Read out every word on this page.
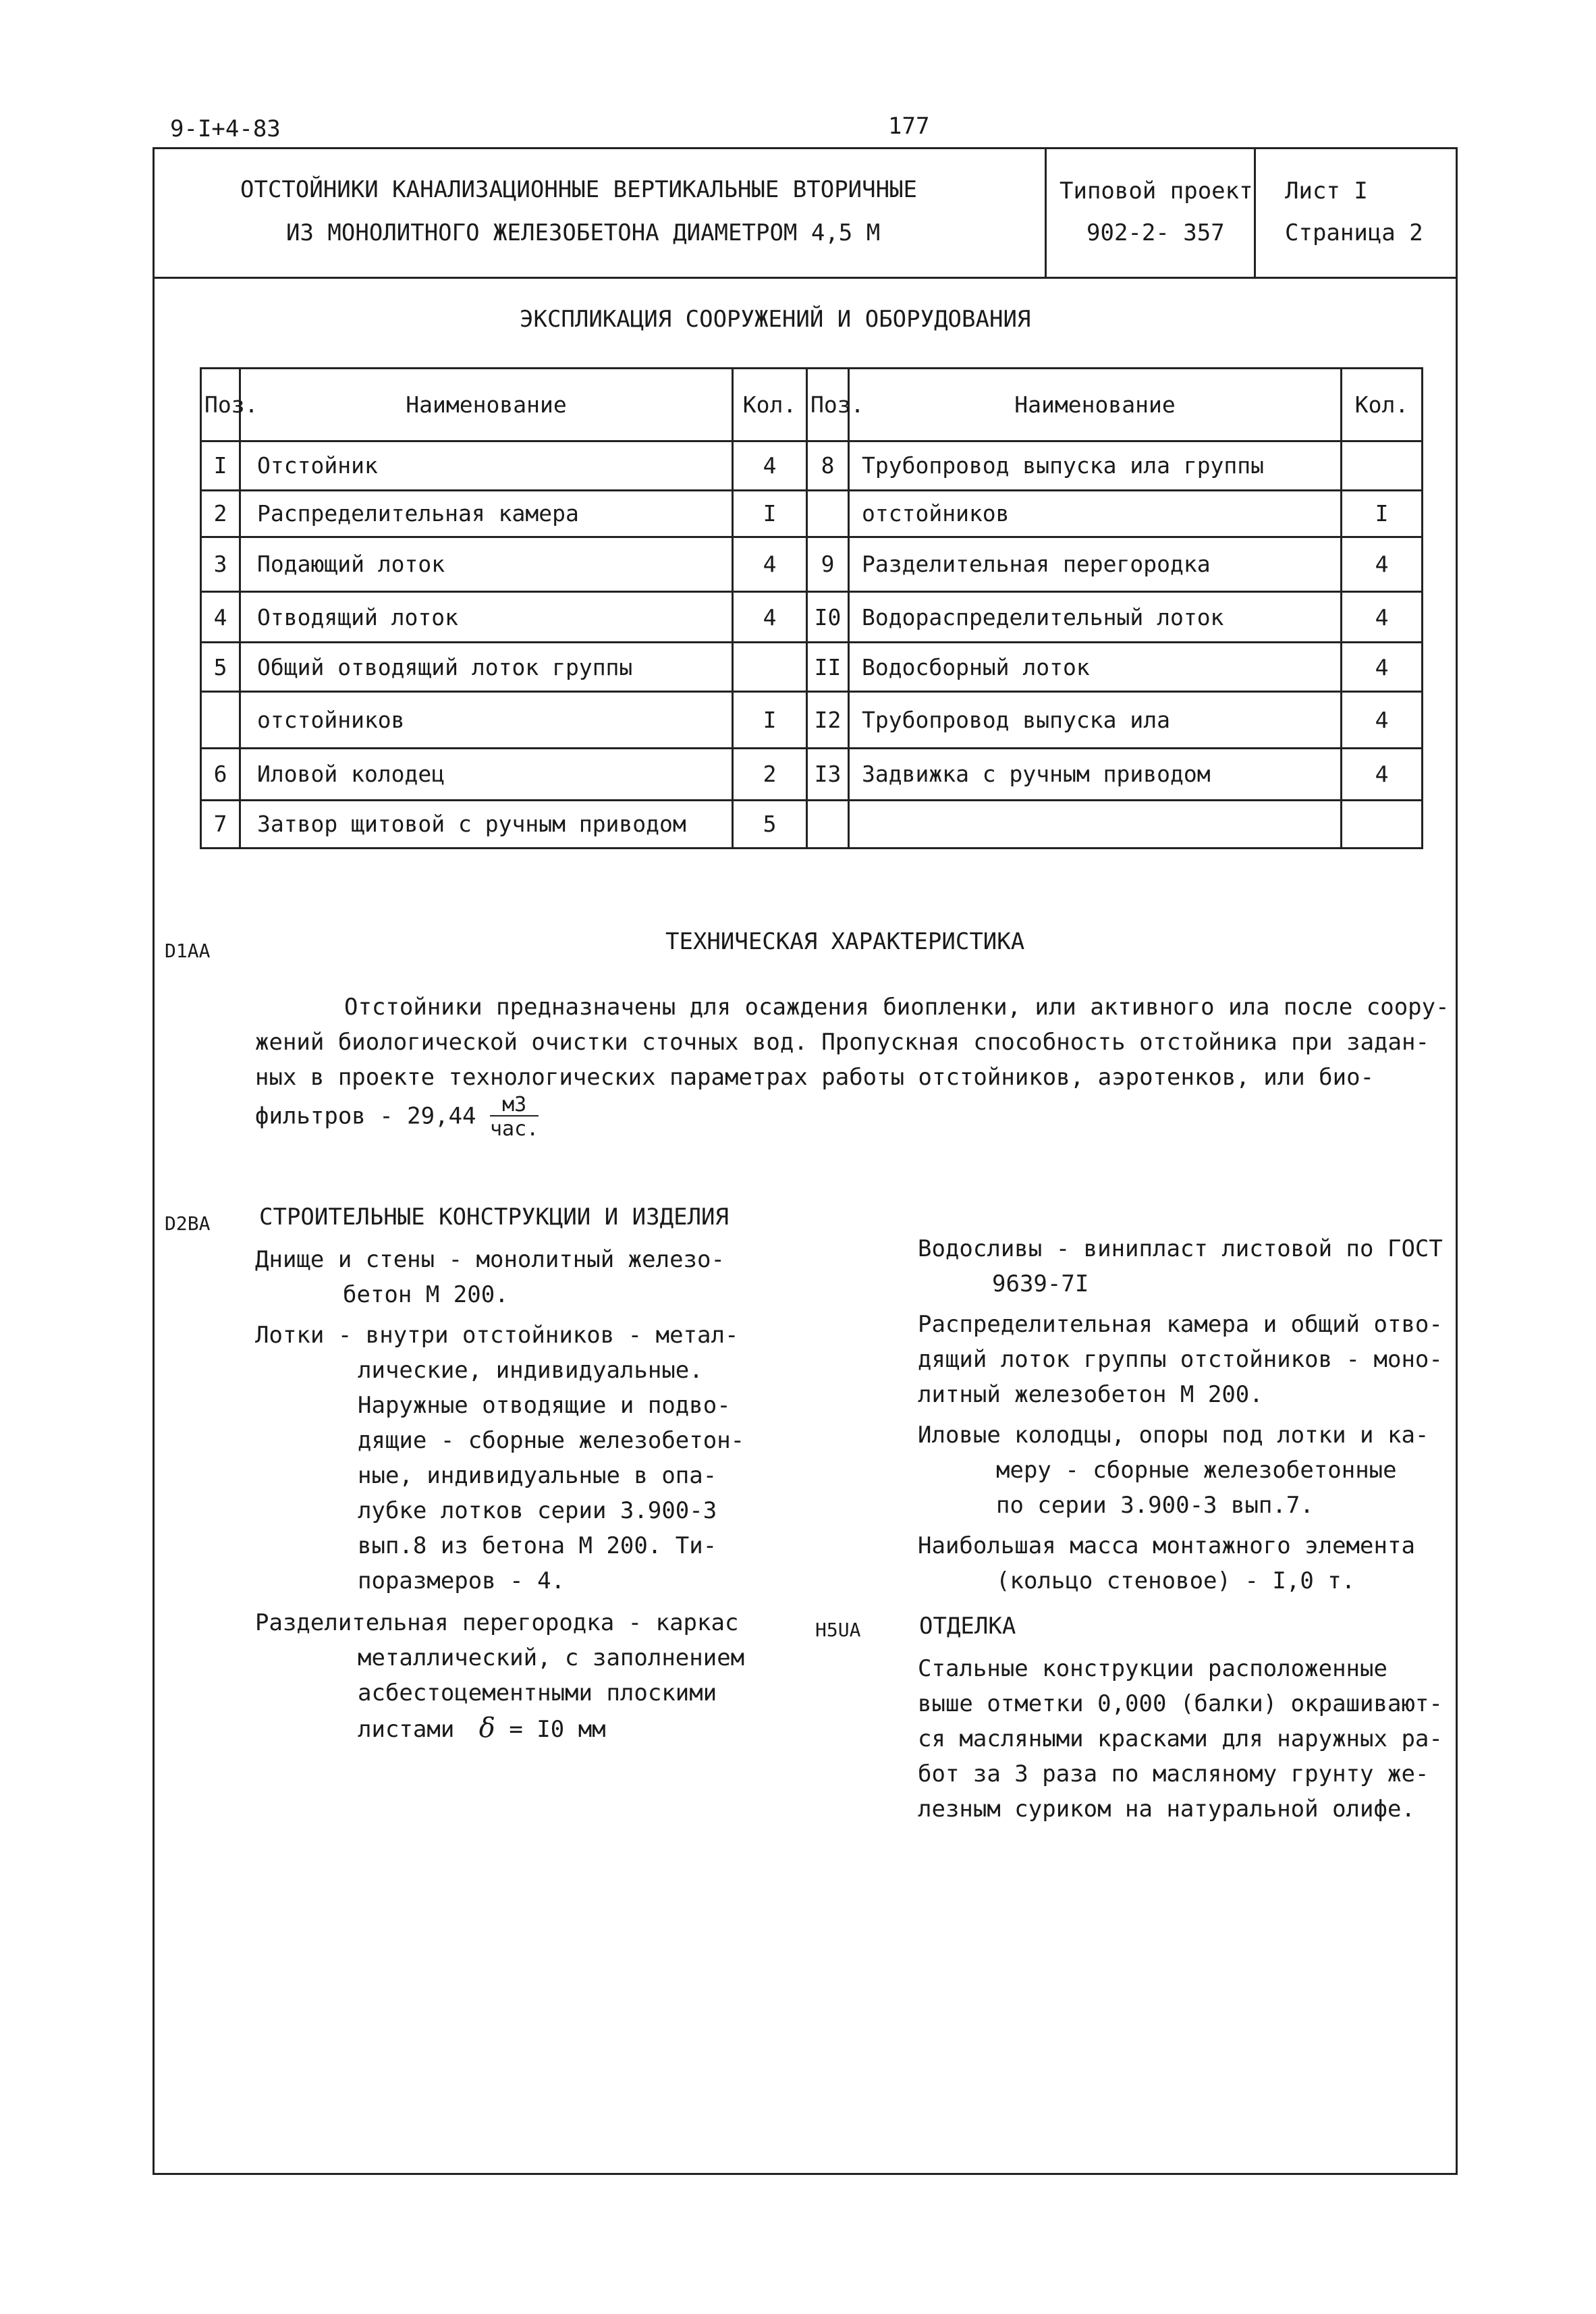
9-I+4-83	177
ОТСТОЙНИКИ КАНАЛИЗАЦИОННЫЕ ВЕРТИКАЛЬНЫЕ ВТОРИЧНЫЕ
ИЗ МОНОЛИТНОГО ЖЕЛЕЗОБЕТОНА ДИАМЕТРОМ 4,5 М
Типовой проект
902-2- 357
Лист I
Страница 2
ЭКСПЛИКАЦИЯ СООРУЖЕНИЙ И ОБОРУДОВАНИЯ
Поз.	Наименование	Кол.	Поз.	Наименование	Кол.
I	Отстойник	4	8	Трубопровод выпуска ила группы	
2	Распределительная камера	I		отстойников	I
3	Подающий лоток	4	9	Разделительная перегородка	4
4	Отводящий лоток	4	I0	Водораспределительный лоток	4
5	Общий отводящий лоток группы		II	Водосборный лоток	4
	отстойников	I	I2	Трубопровод выпуска ила	4
6	Иловой колодец	2	I3	Задвижка с ручным приводом	4
7	Затвор щитовой с ручным приводом	5			
D1AA	ТЕХНИЧЕСКАЯ ХАРАКТЕРИСТИКА
Отстойники предназначены для осаждения биопленки, или активного ила после соору-
жений биологической очистки сточных вод. Пропускная способность отстойника при задан-
ных в проекте технологических параметрах работы отстойников, аэротенков, или био-
фильтров - $29,44 \frac{м3}{\text{час.}}$
D2BA СТРОИТЕЛЬНЫЕ КОНСТРУКЦИИ И ИЗДЕЛИЯ
Днище и стены - монолитный железо-
бетон М 200.
Лотки - внутри отстойников - метал-
лические, индивидуальные.
Наружные отводящие и подво-
дящие - сборные железобетон-
ные, индивидуальные в опа-
лубке лотков серии 3.900-3
вып.8 из бетона М 200. Ти-
поразмеров - 4.
Разделительная перегородка - каркас
металлический, с заполнением
асбестоцементными плоскими
листами δ = I0 мм
Водосливы - винипласт листовой по ГОСТ
9639-7I
Распределительная камера и общий отво-
дящий лоток группы отстойников - моно-
литный железобетон М 200.
Иловые колодцы, опоры под лотки и ка-
меру - сборные железобетонные
по серии 3.900-3 вып.7.
Наибольшая масса монтажного элемента
(кольцо стеновое) - I,0 т.
H5UA	ОТДЕЛКА
Стальные конструкции расположенные
выше отметки 0,000 (балки) окрашивают-
ся масляными красками для наружных ра-
бот за 3 раза по масляному грунту же-
лезным суриком на натуральной олифе.
